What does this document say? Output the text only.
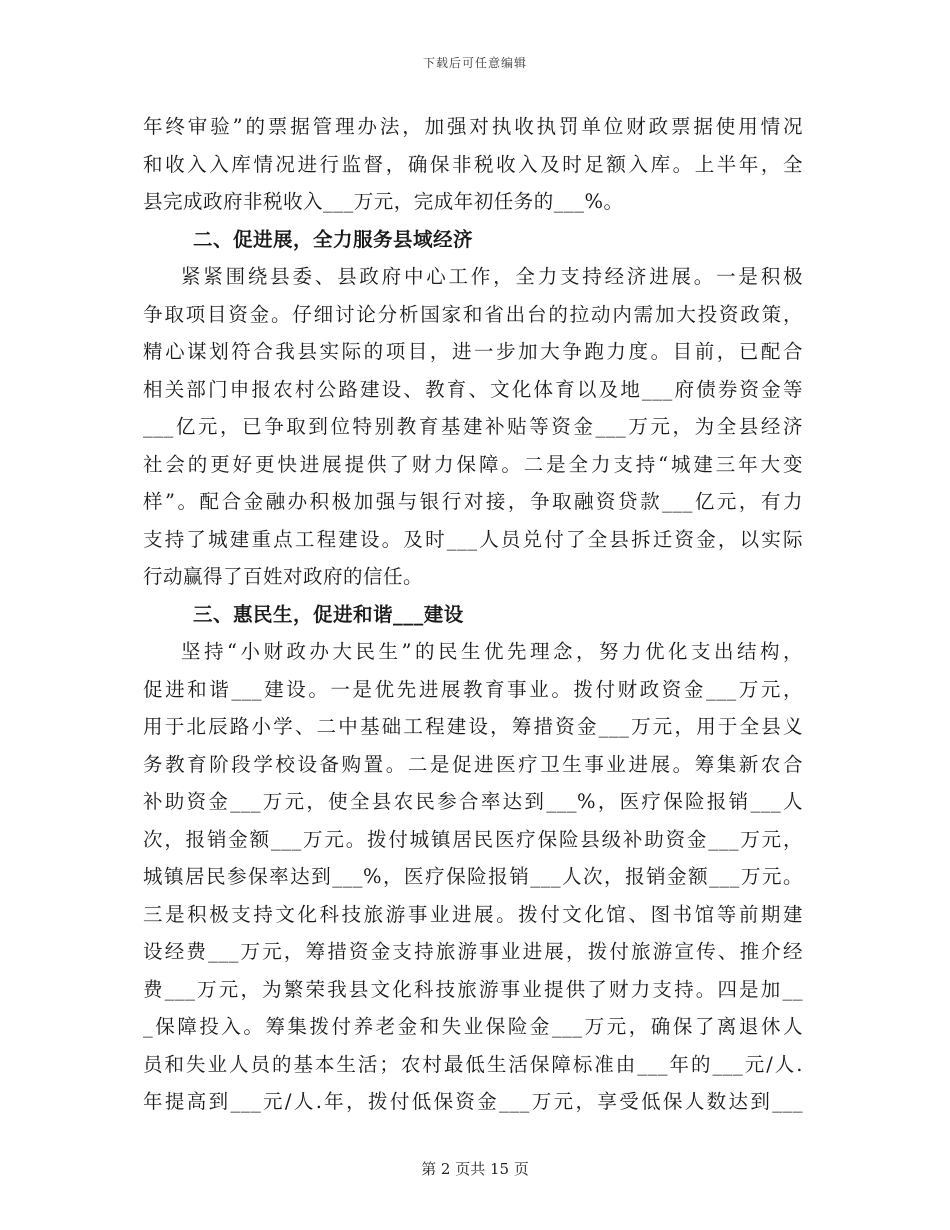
下载后可任意编辑
年终审验”的票据管理办法，加强对执收执罚单位财政票据使用情况
和收入入库情况进行监督，确保非税收入及时足额入库。上半年，全
县完成政府非税收入___万元，完成年初任务的___%。
二、促进展，全力服务县域经济
紧紧围绕县委、县政府中心工作，全力支持经济进展。一是积极
争取项目资金。仔细讨论分析国家和省出台的拉动内需加大投资政策，
精心谋划符合我县实际的项目，进一步加大争跑力度。目前，已配合
相关部门申报农村公路建设、教育、文化体育以及地___府债券资金等
___亿元，已争取到位特别教育基建补贴等资金___万元，为全县经济
社会的更好更快进展提供了财力保障。二是全力支持“城建三年大变
样”。配合金融办积极加强与银行对接，争取融资贷款___亿元，有力
支持了城建重点工程建设。及时___人员兑付了全县拆迁资金，以实际
行动赢得了百姓对政府的信任。
三、惠民生，促进和谐___建设
坚持“小财政办大民生”的民生优先理念，努力优化支出结构，
促进和谐___建设。一是优先进展教育事业。拨付财政资金___万元，
用于北辰路小学、二中基础工程建设，筹措资金___万元，用于全县义
务教育阶段学校设备购置。二是促进医疗卫生事业进展。筹集新农合
补助资金___万元，使全县农民参合率达到___%，医疗保险报销___人
次，报销金额___万元。拨付城镇居民医疗保险县级补助资金___万元，
城镇居民参保率达到___%，医疗保险报销___人次，报销金额___万元。
三是积极支持文化科技旅游事业进展。拨付文化馆、图书馆等前期建
设经费___万元，筹措资金支持旅游事业进展，拨付旅游宣传、推介经
费___万元，为繁荣我县文化科技旅游事业提供了财力支持。四是加__
_保障投入。筹集拨付养老金和失业保险金___万元，确保了离退休人
员和失业人员的基本生活；农村最低生活保障标准由___年的___元/人.
年提高到___元/人.年，拨付低保资金___万元，享受低保人数达到___
第 2 页共 15 页
